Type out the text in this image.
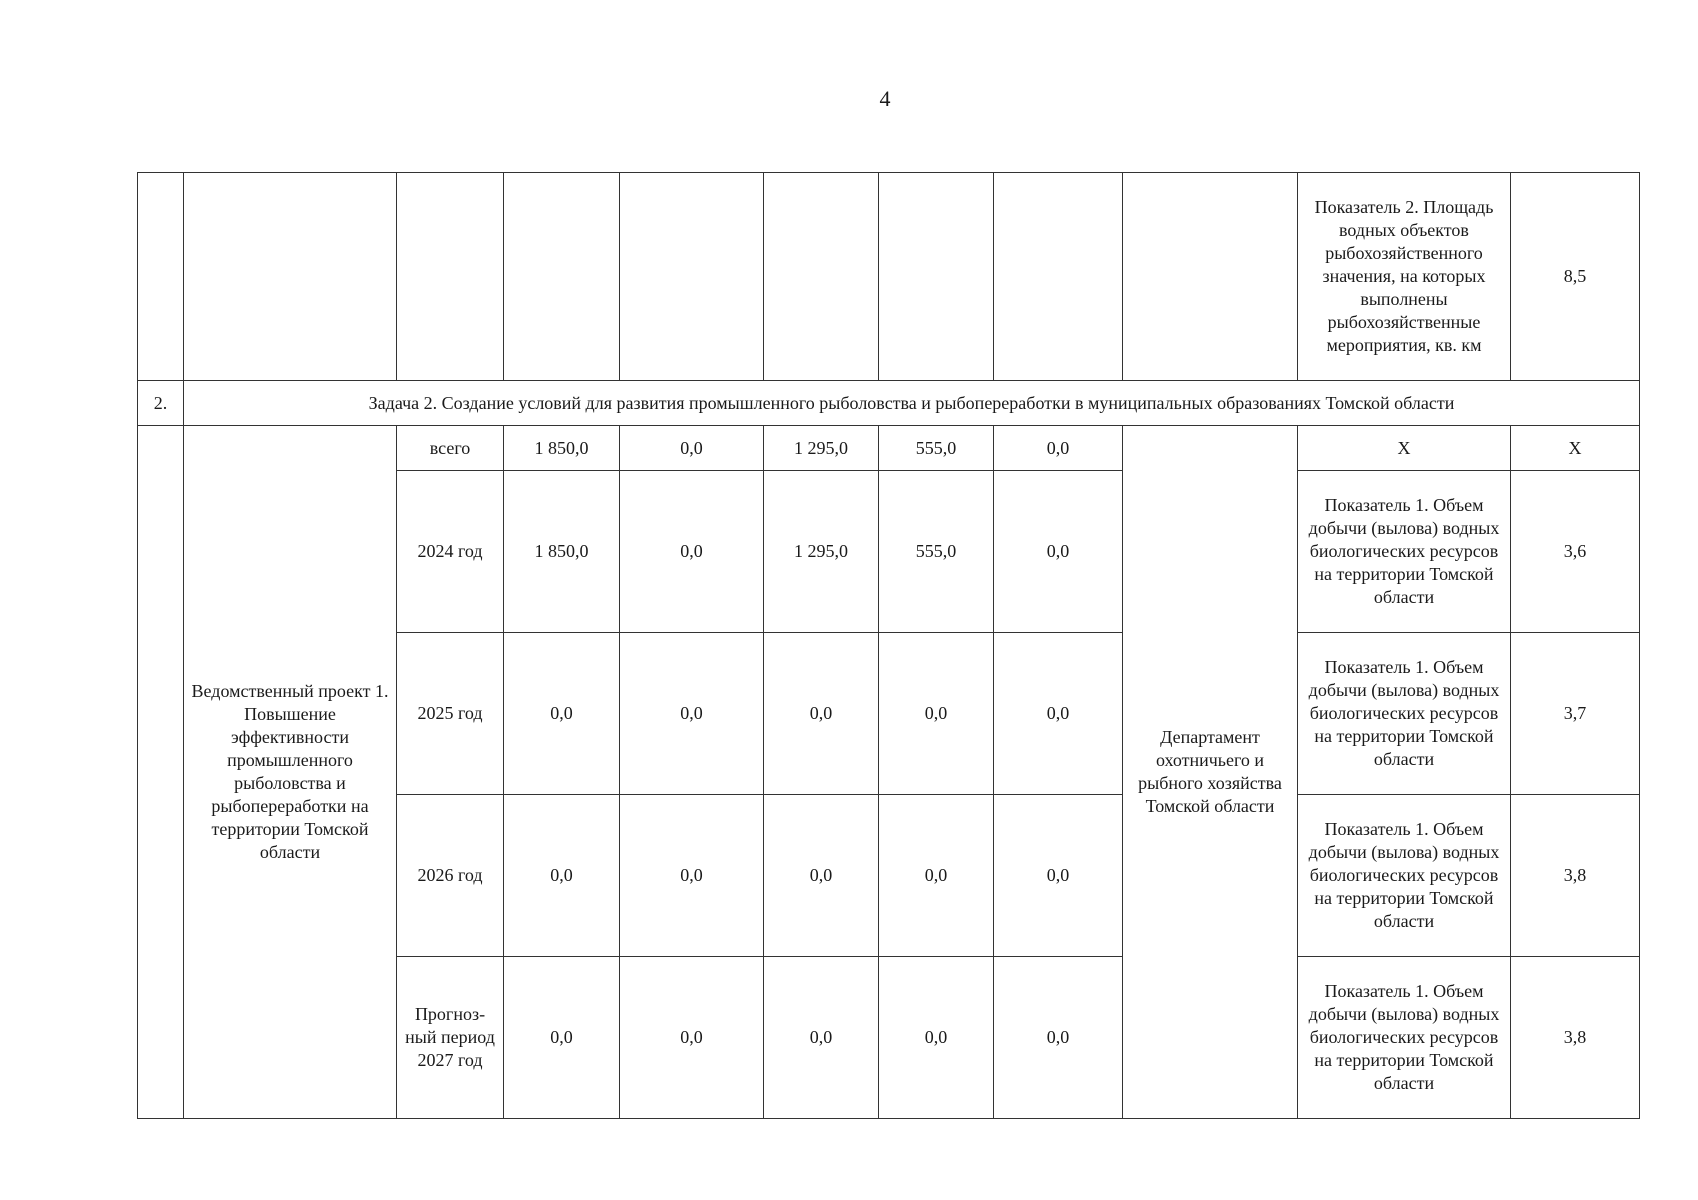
4
									Показатель 2. Площадь водных объектов рыбохозяйственного значения, на которых выполнены рыбохозяйственные мероприятия, кв. км	8,5
2.	Задача 2. Создание условий для развития промышленного рыболовства и рыбопереработки в муниципальных образованиях Томской области									
	Ведомственный проект 1. Повышение эффективности промышленного рыболовства и рыбопереработки на территории Томской области	всего	1 850,0	0,0	1 295,0	555,0	0,0	Департамент охотничьего и рыбного хозяйства Томской области	Х	Х
		2024 год	1 850,0	0,0	1 295,0	555,0	0,0		Показатель 1. Объем добычи (вылова) водных биологических ресурсов на территории Томской области	3,6
		2025 год	0,0	0,0	0,0	0,0	0,0		Показатель 1. Объем добычи (вылова) водных биологических ресурсов на территории Томской области	3,7
		2026 год	0,0	0,0	0,0	0,0	0,0		Показатель 1. Объем добычи (вылова) водных биологических ресурсов на территории Томской области	3,8
		Прогноз-ный период 2027 год	0,0	0,0	0,0	0,0	0,0		Показатель 1. Объем добычи (вылова) водных биологических ресурсов на территории Томской области	3,8
